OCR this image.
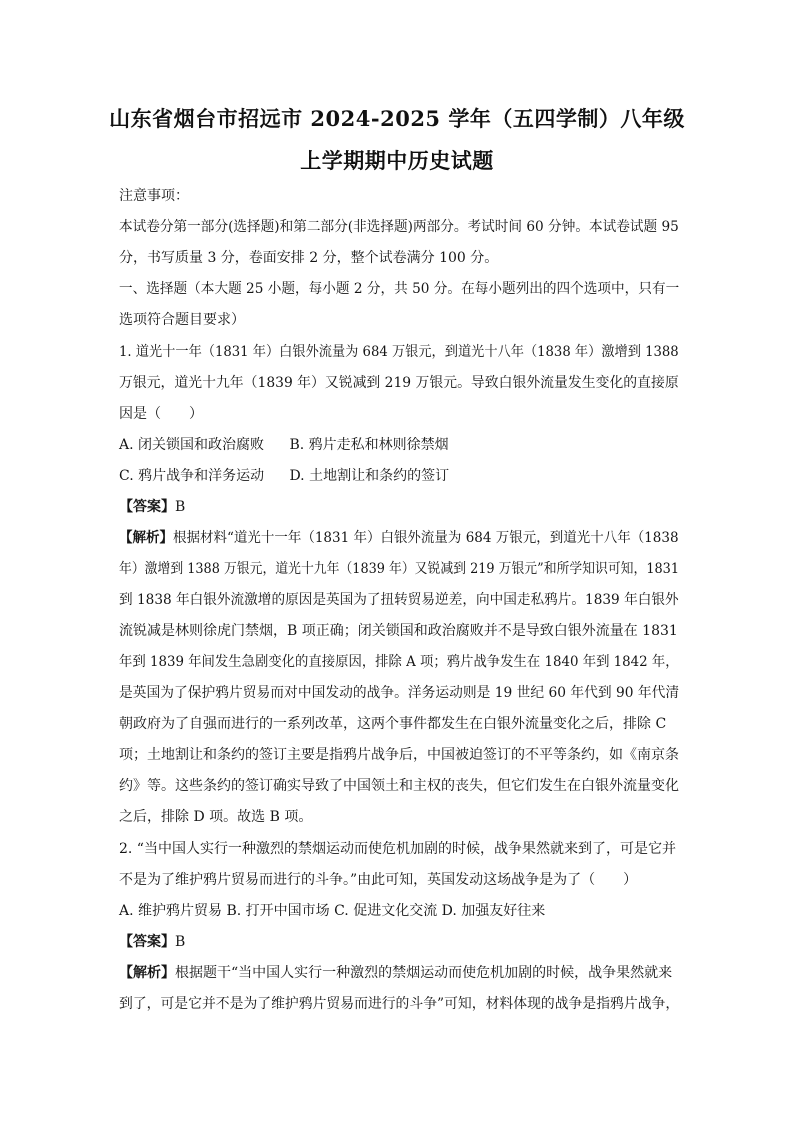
山东省烟台市招远市 2024-2025 学年（五四学制）八年级
上学期期中历史试题
注意事项：
本试卷分第一部分(选择题)和第二部分(非选择题)两部分。考试时间 60 分钟。本试卷试题 95
分，书写质量 3 分，卷面安排 2 分，整个试卷满分 100 分。
一、选择题（本大题 25 小题，每小题 2 分，共 50 分。在每小题列出的四个选项中，只有一
选项符合题目要求）
1. 道光十一年（1831 年）白银外流量为 684 万银元，到道光十八年（1838 年）激增到 1388
万银元，道光十九年（1839 年）又锐减到 219 万银元。导致白银外流量发生变化的直接原
因是（　　）
A. 闭关锁国和政治腐败 B. 鸦片走私和林则徐禁烟
C. 鸦片战争和洋务运动 D. 土地割让和条约的签订
【答案】B
【解析】根据材料“道光十一年（1831 年）白银外流量为 684 万银元，到道光十八年（1838
年）激增到 1388 万银元，道光十九年（1839 年）又锐减到 219 万银元”和所学知识可知，1831
到 1838 年白银外流激增的原因是英国为了扭转贸易逆差，向中国走私鸦片。1839 年白银外
流锐减是林则徐虎门禁烟，B 项正确；闭关锁国和政治腐败并不是导致白银外流量在 1831
年到 1839 年间发生急剧变化的直接原因，排除 A 项；鸦片战争发生在 1840 年到 1842 年，
是英国为了保护鸦片贸易而对中国发动的战争。洋务运动则是 19 世纪 60 年代到 90 年代清
朝政府为了自强而进行的一系列改革，这两个事件都发生在白银外流量变化之后，排除 C
项；土地割让和条约的签订主要是指鸦片战争后，中国被迫签订的不平等条约，如《南京条
约》等。这些条约的签订确实导致了中国领土和主权的丧失，但它们发生在白银外流量变化
之后，排除 D 项。故选 B 项。
2. “当中国人实行一种激烈的禁烟运动而使危机加剧的时候，战争果然就来到了，可是它并
不是为了维护鸦片贸易而进行的斗争。”由此可知，英国发动这场战争是为了（　　）
A. 维护鸦片贸易 B. 打开中国市场 C. 促进文化交流 D. 加强友好往来
【答案】B
【解析】根据题干“当中国人实行一种激烈的禁烟运动而使危机加剧的时候，战争果然就来
到了，可是它并不是为了维护鸦片贸易而进行的斗争”可知，材料体现的战争是指鸦片战争，
